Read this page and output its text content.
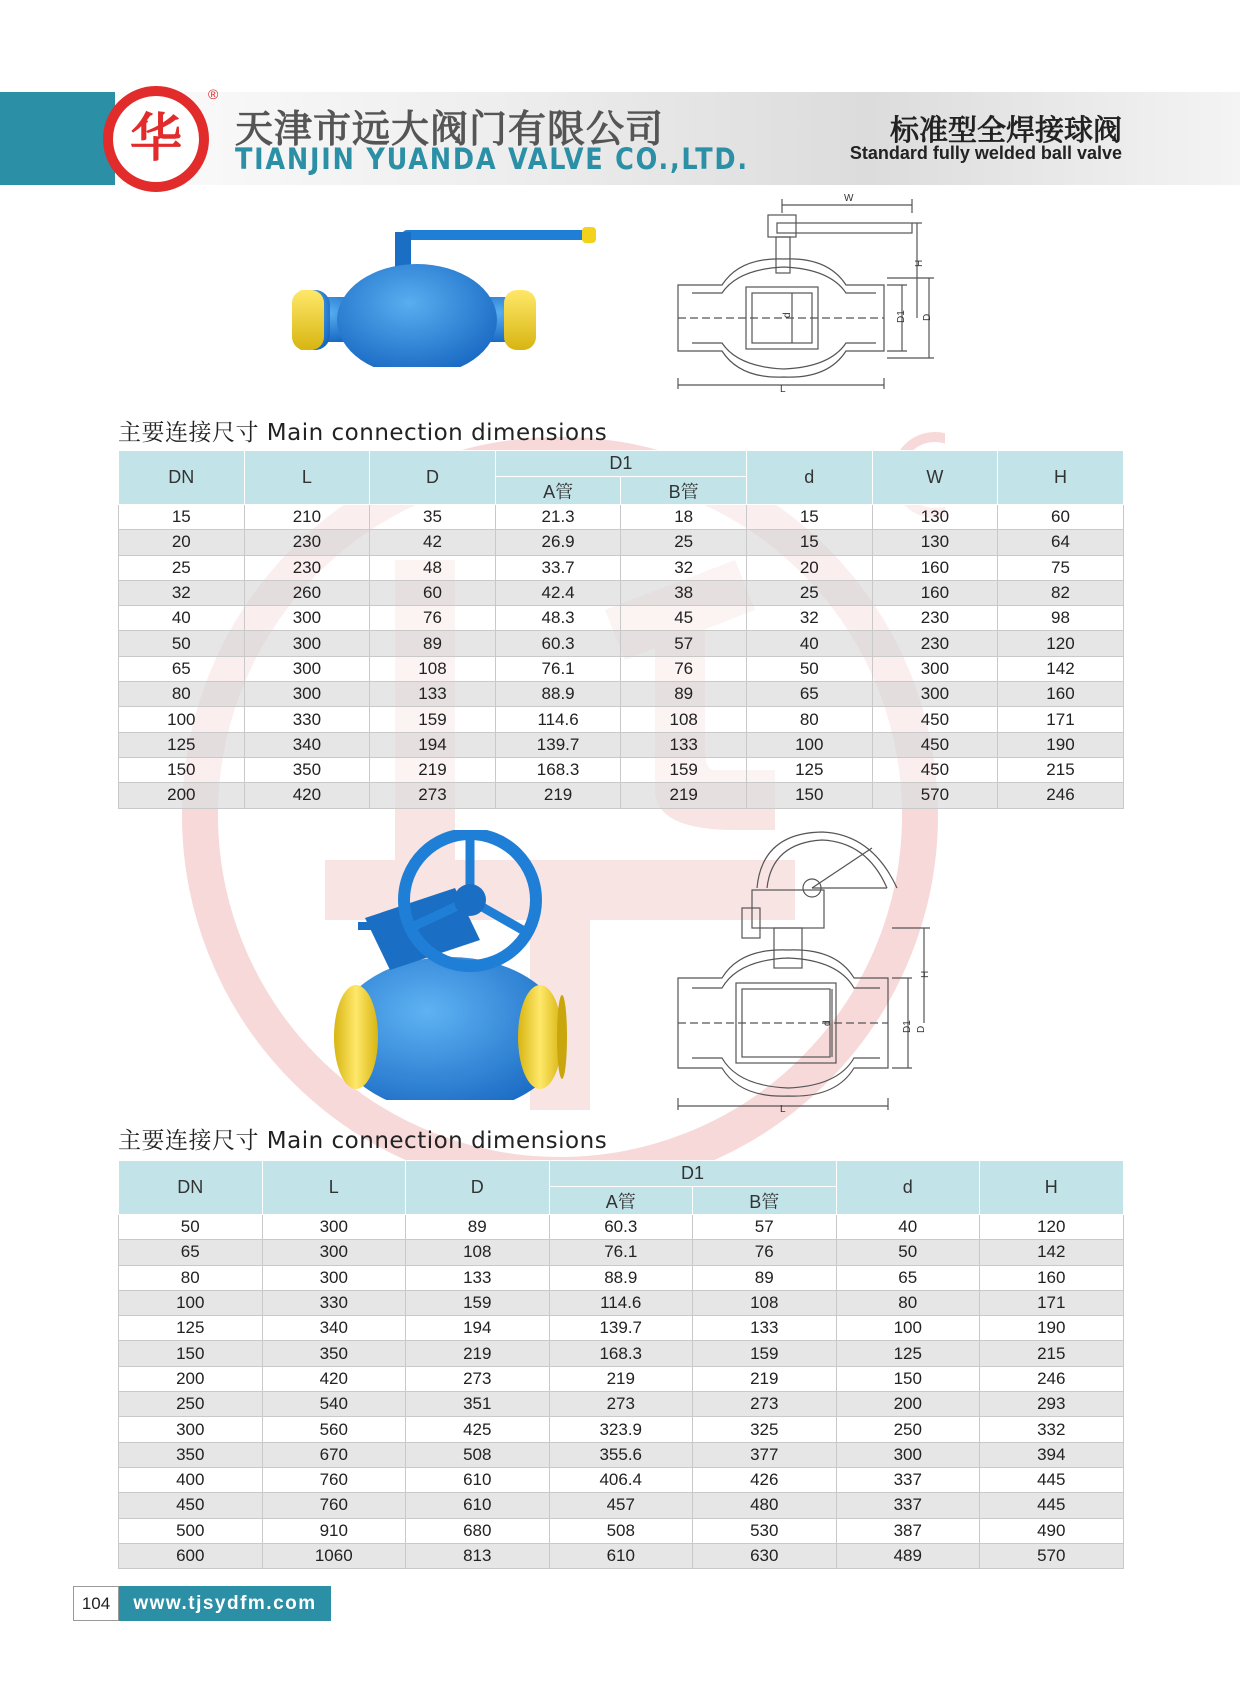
华
®
天津市远大阀门有限公司
TIANJIN YUANDA VALVE CO.,LTD.
标准型全焊接球阀
Standard fully welded ball valve
W
L
H
D1 D
d
主要连接尺寸 Main connection dimensions
DN	L	D	D1		d	W	H
			A管	B管			
15	210	35	21.3	18	15	130	60
20	230	42	26.9	25	15	130	64
25	230	48	33.7	32	20	160	75
32	260	60	42.4	38	25	160	82
40	300	76	48.3	45	32	230	98
50	300	89	60.3	57	40	230	120
65	300	108	76.1	76	50	300	142
80	300	133	88.9	89	65	300	160
100	330	159	114.6	108	80	450	171
125	340	194	139.7	133	100	450	190
150	350	219	168.3	159	125	450	215
200	420	273	219	219	150	570	246
L
H
D1 D
d
主要连接尺寸 Main connection dimensions
DN	L	D	D1		d	H
			A管	B管		
50	300	89	60.3	57	40	120
65	300	108	76.1	76	50	142
80	300	133	88.9	89	65	160
100	330	159	114.6	108	80	171
125	340	194	139.7	133	100	190
150	350	219	168.3	159	125	215
200	420	273	219	219	150	246
250	540	351	273	273	200	293
300	560	425	323.9	325	250	332
350	670	508	355.6	377	300	394
400	760	610	406.4	426	337	445
450	760	610	457	480	337	445
500	910	680	508	530	387	490
600	1060	813	610	630	489	570
104	www.tjsydfm.com
